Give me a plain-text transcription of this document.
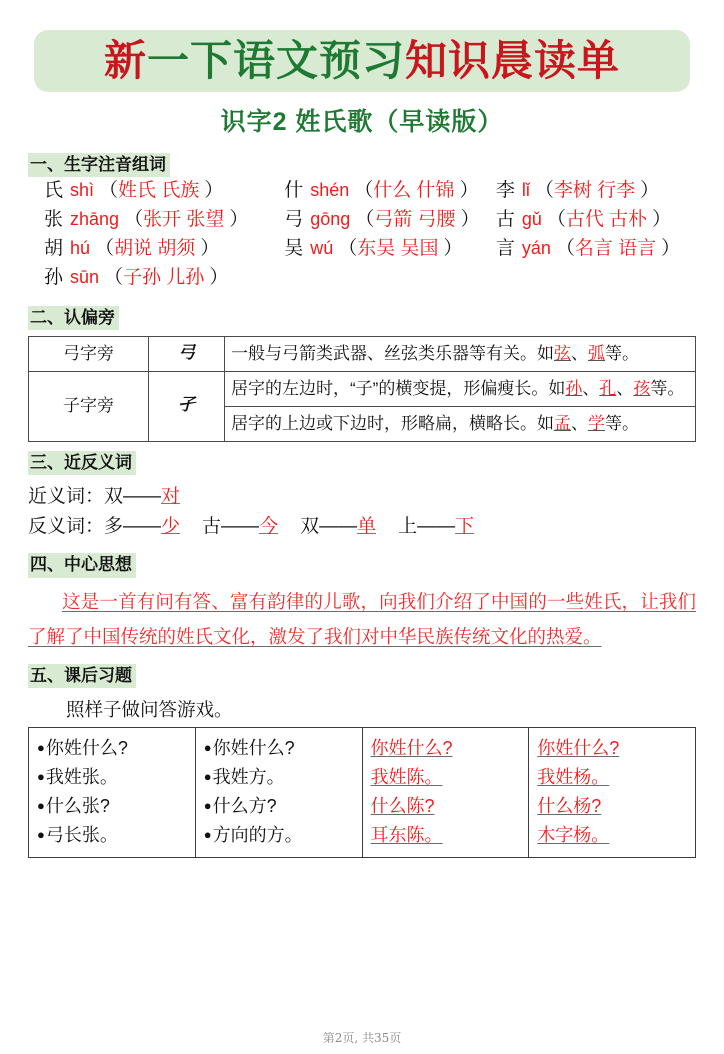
新一下语文预习知识晨读单
识字2 姓氏歌（早读版）
一、生字注音组词
氏 shì （ 姓氏 氏族 ）	什 shén （ 什么 什锦 ） 李 lǐ （ 李树 行李 ）
张 zhāng （ 张开 张望 ） 弓 gōng （ 弓箭 弓腰 ） 古 gǔ （ 古代 古朴 ）
胡 hú （ 胡说 胡须 ）	吴 wú （ 东吴 吴国 ） 言 yán （ 名言 语言 ）
孙 sūn （ 子孙 儿孙 ）
二、认偏旁
弓字旁	弓	一般与弓箭类武器、丝弦类乐器等有关。如弦、弧等。
子字旁	孑	居字的左边时，“子”的横变提，形偏瘦长。如孙、孔、孩等。
		居字的上边或下边时，形略扁，横略长。如孟、学等。
三、近反义词
近义词：双——对
反义词：多——少 古——今 双——单 上——下
四、中心思想
这是一首有问有答、富有韵律的儿歌，向我们介绍了中国的一些姓氏，让我们了解了中国传统的姓氏文化，激发了我们对中华民族传统文化的热爱。
五、课后习题
照样子做问答游戏。
●你姓什么?
●我姓张。
●什么张?
●弓长张。

●你姓什么?
●我姓方。
●什么方?
●方向的方。

你姓什么?
我姓陈。
什么陈?
耳东陈。

你姓什么?
我姓杨。
什么杨?
木字杨。
第2页, 共35页
